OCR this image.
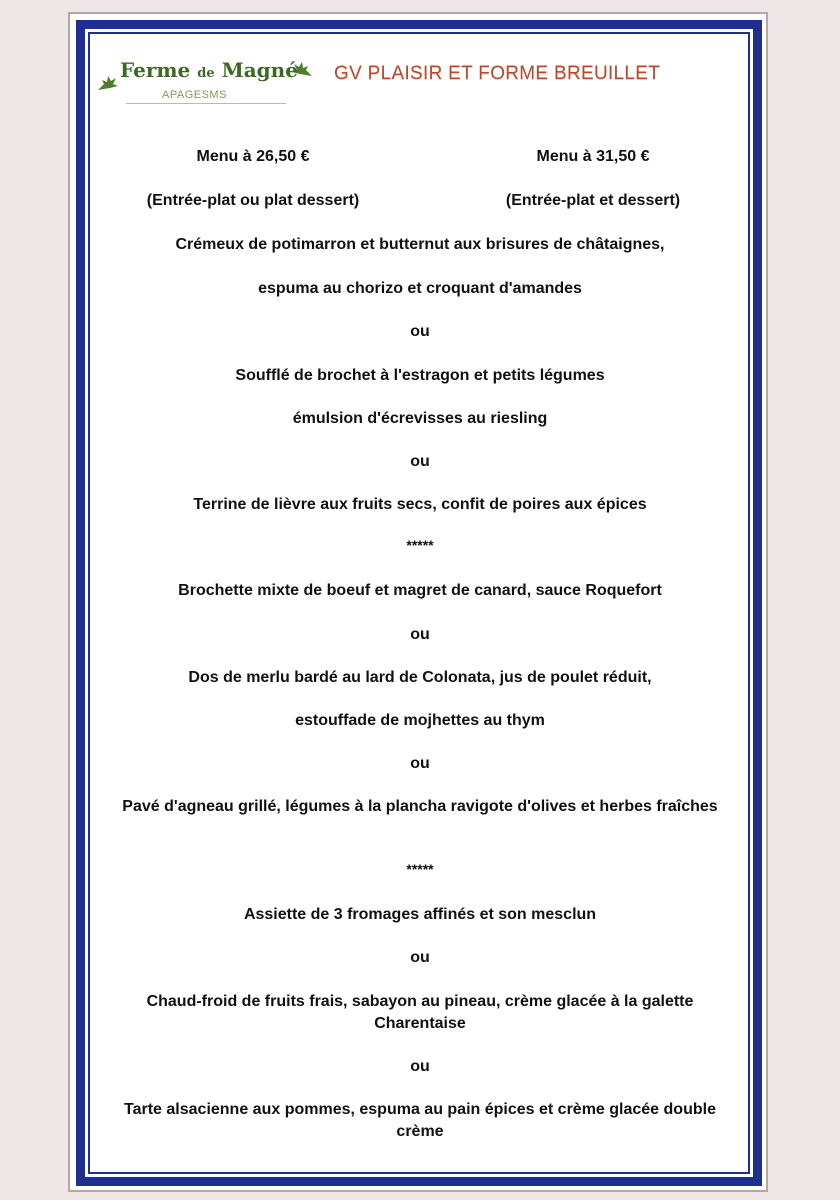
Ferme de Magné
APAGESMS
GV PLAISIR ET FORME BREUILLET

Menu à 26,50 €	Menu à 31,50 €

(Entrée-plat ou plat dessert)	(Entrée-plat et dessert)

Crémeux de potimarron et butternut aux brisures de châtaignes,

espuma au chorizo et croquant d'amandes

ou

Soufflé de brochet à l'estragon et petits légumes

émulsion d'écrevisses au riesling

ou

Terrine de lièvre aux fruits secs, confit de poires aux épices

*****

Brochette mixte de boeuf et magret de canard, sauce Roquefort

ou

Dos de merlu bardé au lard de Colonata, jus de poulet réduit,

estouffade de mojhettes au thym

ou

Pavé d'agneau grillé, légumes à la plancha ravigote d'olives et herbes fraîches

*****

Assiette de 3 fromages affinés et son mesclun

ou

Chaud-froid de fruits frais, sabayon au pineau, crème glacée à la galette Charentaise

ou

Tarte alsacienne aux pommes, espuma au pain épices et crème glacée double crème
